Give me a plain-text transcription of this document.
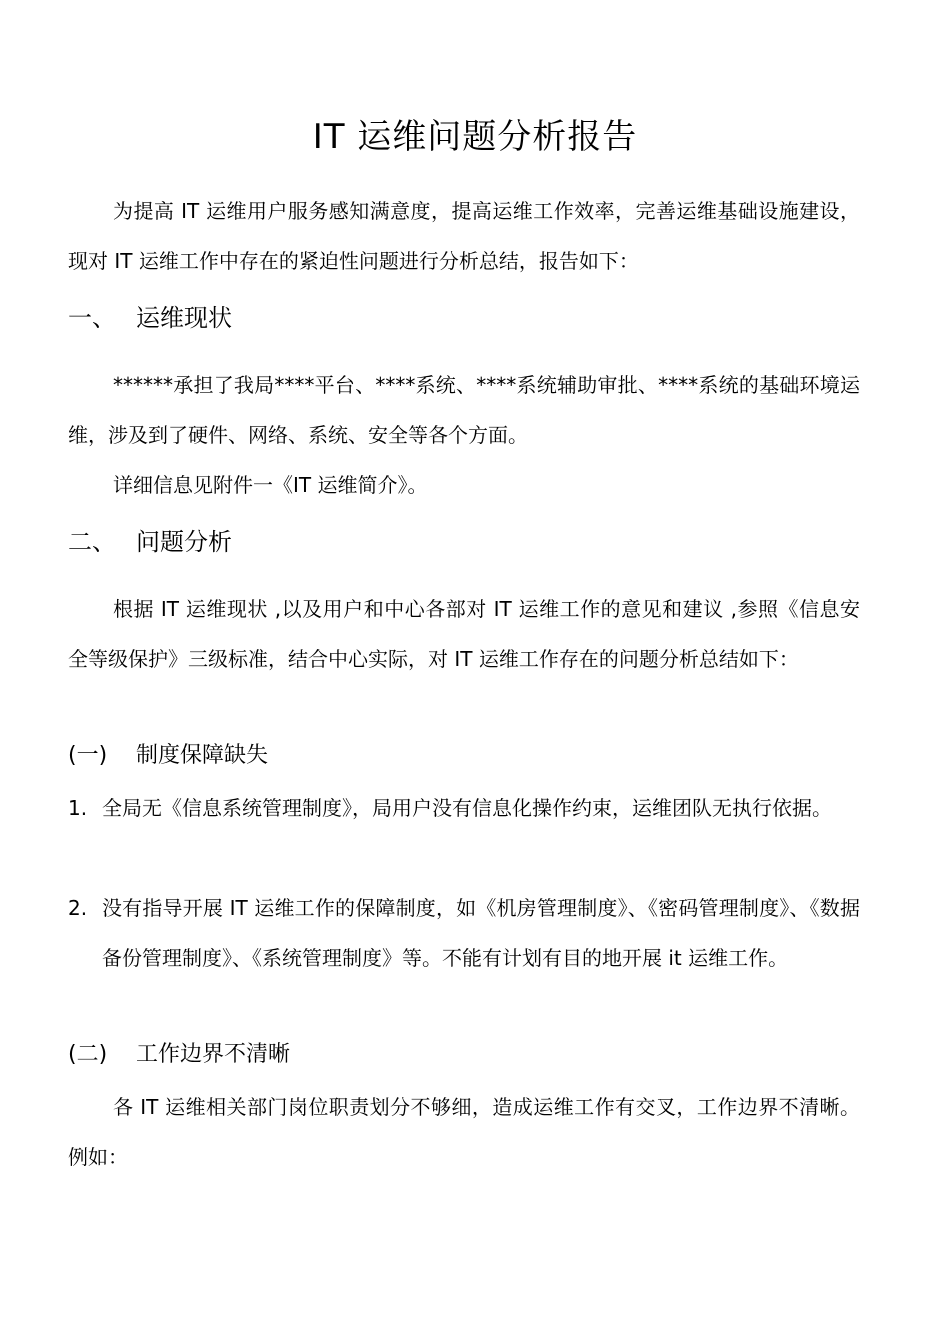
IT 运维问题分析报告
为提高 IT 运维用户服务感知满意度，提高运维工作效率，完善运维基础设施建设，现对 IT 运维工作中存在的紧迫性问题进行分析总结，报告如下：
一、 运维现状
******承担了我局****平台、****系统、****系统辅助审批、****系统的基础环境运维，涉及到了硬件、网络、系统、安全等各个方面。
详细信息见附件一《IT 运维简介》。
二、 问题分析
根据 IT 运维现状 ,以及用户和中心各部对 IT 运维工作的意见和建议 ,参照《信息安全等级保护》三级标准，结合中心实际，对 IT 运维工作存在的问题分析总结如下：
(一) 制度保障缺失
1. 全局无《信息系统管理制度》，局用户没有信息化操作约束，运维团队无执行依据。
2. 没有指导开展 IT 运维工作的保障制度，如《机房管理制度》、《密码管理制度》、《数据备份管理制度》、《系统管理制度》等。不能有计划有目的地开展 it 运维工作。
(二) 工作边界不清晰
各 IT 运维相关部门岗位职责划分不够细，造成运维工作有交叉，工作边界不清晰。例如：
